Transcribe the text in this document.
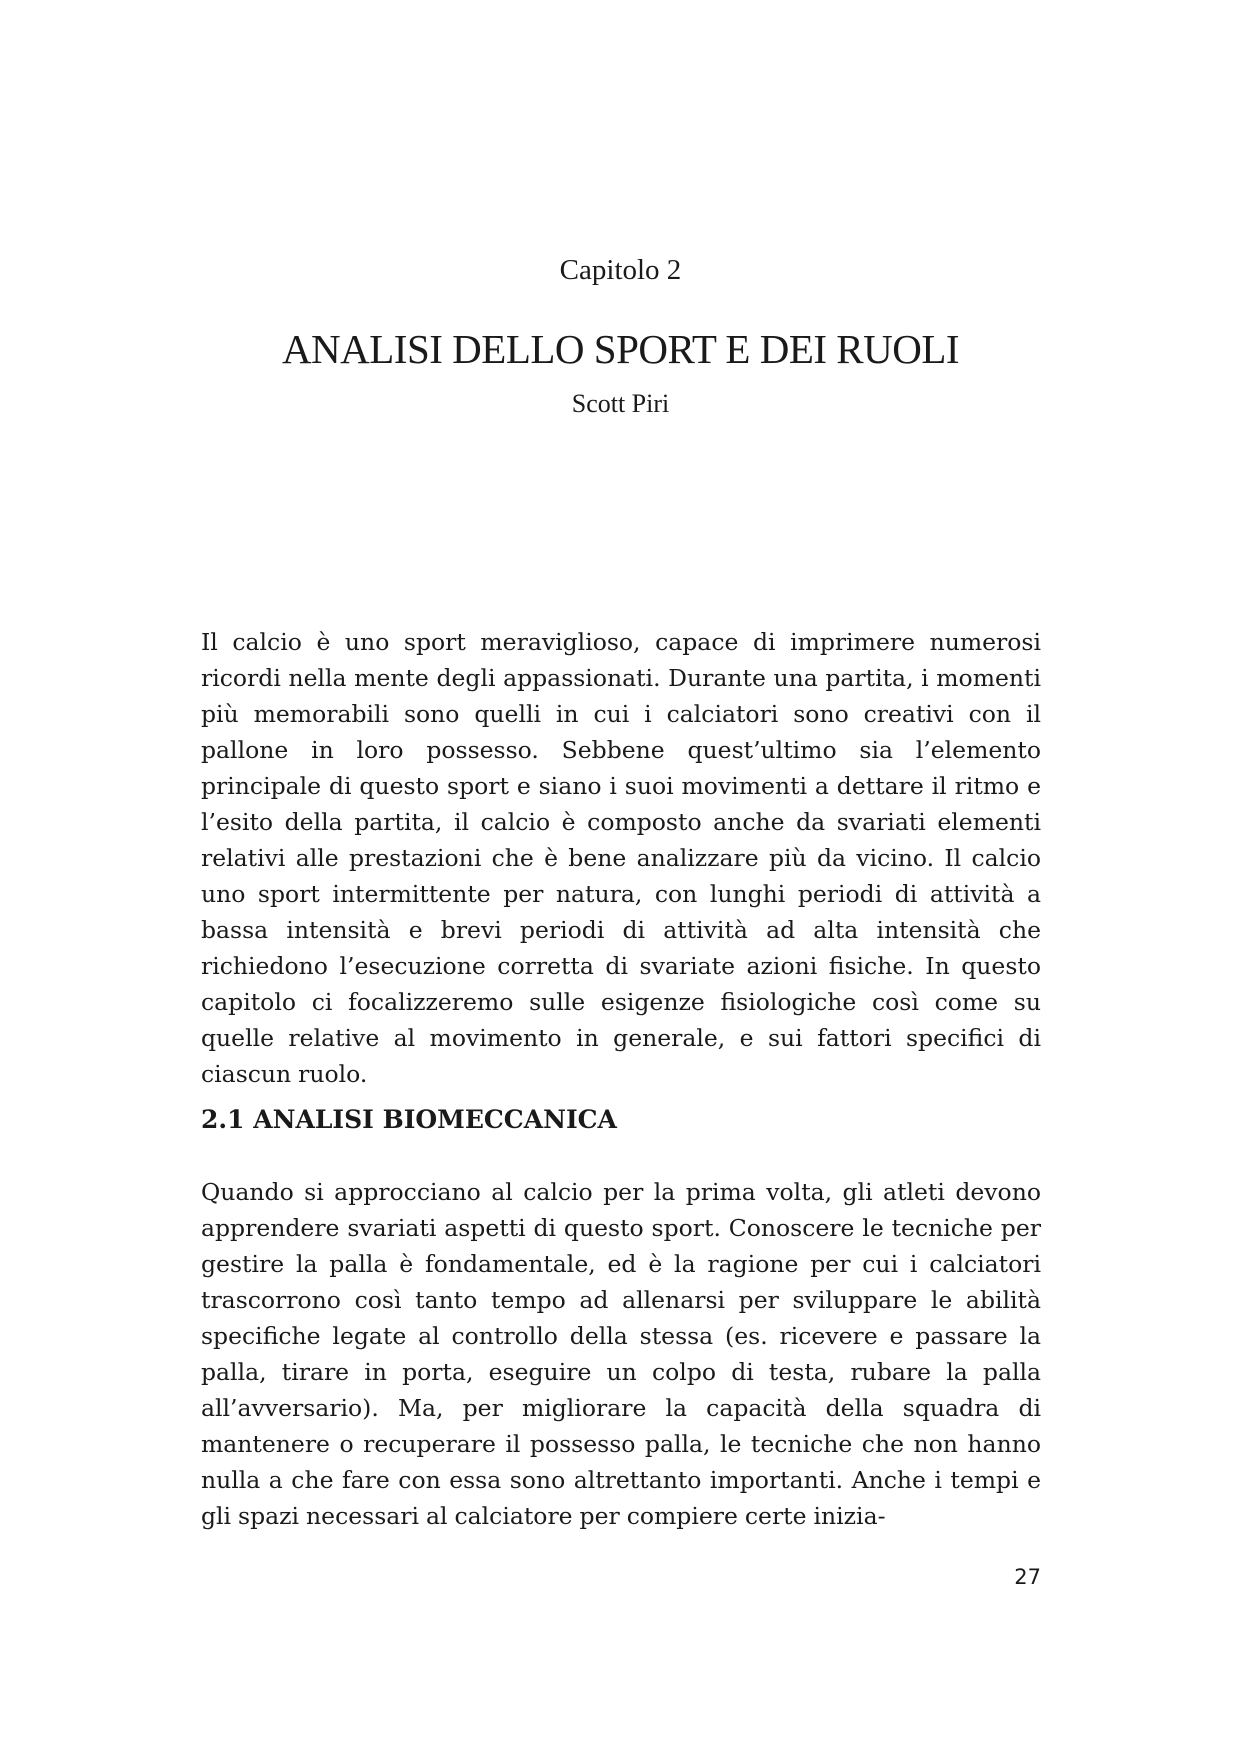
Capitolo 2
ANALISI DELLO SPORT E DEI RUOLI
Scott Piri

Il calcio è uno sport meraviglioso, capace di imprimere numerosi ricordi nella mente degli appassionati. Durante una partita, i momenti più memorabili sono quelli in cui i calciatori sono creativi con il pallone in loro possesso. Sebbene quest’ultimo sia l’elemento principale di questo sport e siano i suoi movimenti a dettare il ritmo e l’esito della partita, il calcio è composto anche da svariati elementi relativi alle prestazioni che è bene analizzare più da vicino. Il calcio uno sport intermittente per natura, con lunghi periodi di attività a bassa intensità e brevi periodi di attività ad alta intensità che richiedono l’esecuzione corretta di svariate azioni fisiche. In questo capitolo ci focalizzeremo sulle esigenze fisiologiche così come su quelle relative al movimento in generale, e sui fattori specifici di ciascun ruolo.

2.1 ANALISI BIOMECCANICA

Quando si approcciano al calcio per la prima volta, gli atleti devono apprendere svariati aspetti di questo sport. Conoscere le tecniche per gestire la palla è fondamentale, ed è la ragione per cui i calciatori trascorrono così tanto tempo ad allenarsi per sviluppare le abilità specifiche legate al controllo della stessa (es. ricevere e passare la palla, tirare in porta, eseguire un colpo di testa, rubare la palla all’avversario). Ma, per migliorare la capacità della squadra di mantenere o recuperare il possesso palla, le tecniche che non hanno nulla a che fare con essa sono altrettanto importanti. Anche i tempi e gli spazi necessari al calciatore per compiere certe inizia-

27
